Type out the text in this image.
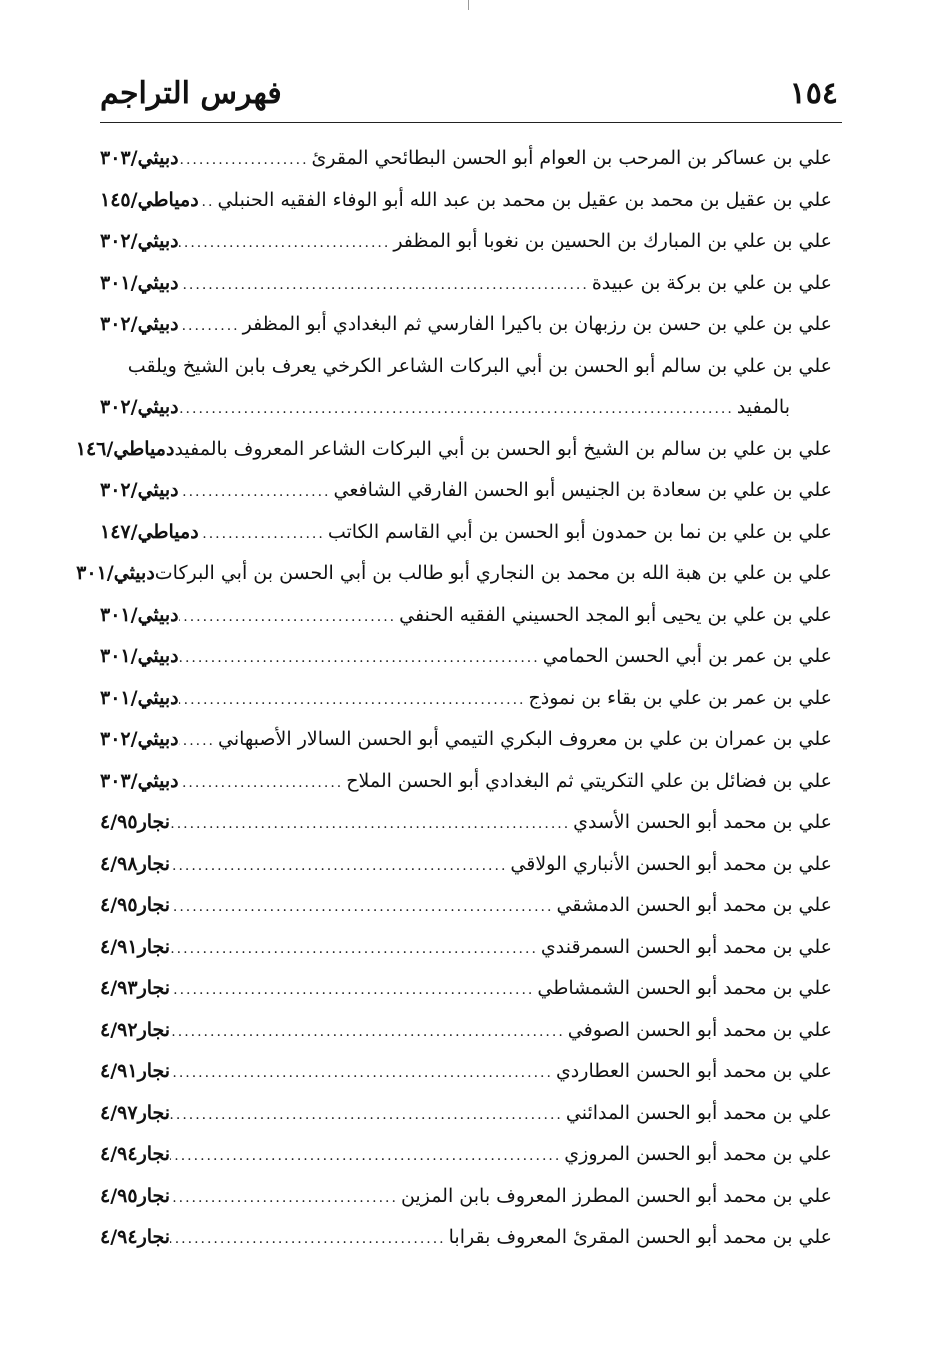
فهرس التراجم	١٥٤
علي بن عساكر بن المرحب بن العوام أبو الحسن البطائحي المقرئ
.....
دبيثي/٣٠٣
علي بن عقيل بن محمد بن عقيل بن محمد بن عبد الله أبو الوفاء الفقيه الحنبلي
.....
دمياطي/١٤٥
علي بن علي بن المبارك بن الحسين بن نغوبا أبو المظفر
.....
دبيثي/٣٠٢
علي بن علي بن بركة بن عبيدة
.....
دبيثي/٣٠١
علي بن علي بن حسن بن رزبهان بن باكيرا الفارسي ثم البغدادي أبو المظفر
.....
دبيثي/٣٠٢
علي بن علي بن سالم أبو الحسن بن أبي البركات الشاعر الكرخي يعرف بابن الشيخ ويلقب
بالمفيد
.....
دبيثي/٣٠٢
علي بن علي بن سالم بن الشيخ أبو الحسن بن أبي البركات الشاعر المعروف بالمفيد
دمياطي/١٤٦
علي بن علي بن سعادة بن الجنيس أبو الحسن الفارقي الشافعي
.....
دبيثي/٣٠٢
علي بن علي بن نما بن حمدون أبو الحسن بن أبي القاسم الكاتب
.....
دمياطي/١٤٧
علي بن علي بن هبة الله بن محمد بن النجاري أبو طالب بن أبي الحسن بن أبي البركات
دبيثي/٣٠١
علي بن علي بن يحيى أبو المجد الحسيني الفقيه الحنفي
.....
دبيثي/٣٠١
علي بن عمر بن أبي الحسن الحمامي
.....
دبيثي/٣٠١
علي بن عمر بن علي بن بقاء بن نموذج
.....
دبيثي/٣٠١
علي بن عمران بن علي بن معروف البكري التيمي أبو الحسن السالار الأصبهاني
.....
دبيثي/٣٠٢
علي بن فضائل بن علي التكريتي ثم البغدادي أبو الحسن الملاح
.....
دبيثي/٣٠٣
علي بن محمد أبو الحسن الأسدي
.....
نجار٤/٩٥
علي بن محمد أبو الحسن الأنباري الولاقي
.....
نجار٤/٩٨
علي بن محمد أبو الحسن الدمشقي
.....
نجار٤/٩٥
علي بن محمد أبو الحسن السمرقندي
.....
نجار٤/٩١
علي بن محمد أبو الحسن الشمشاطي
.....
نجار٤/٩٣
علي بن محمد أبو الحسن الصوفي
.....
نجار٤/٩٢
علي بن محمد أبو الحسن العطاردي
.....
نجار٤/٩١
علي بن محمد أبو الحسن المدائني
.....
نجار٤/٩٧
علي بن محمد أبو الحسن المروزي
.....
نجار٤/٩٤
علي بن محمد أبو الحسن المطرز المعروف بابن المزين
.....
نجار٤/٩٥
علي بن محمد أبو الحسن المقرئ المعروف بقرابا
.....
نجار٤/٩٤
